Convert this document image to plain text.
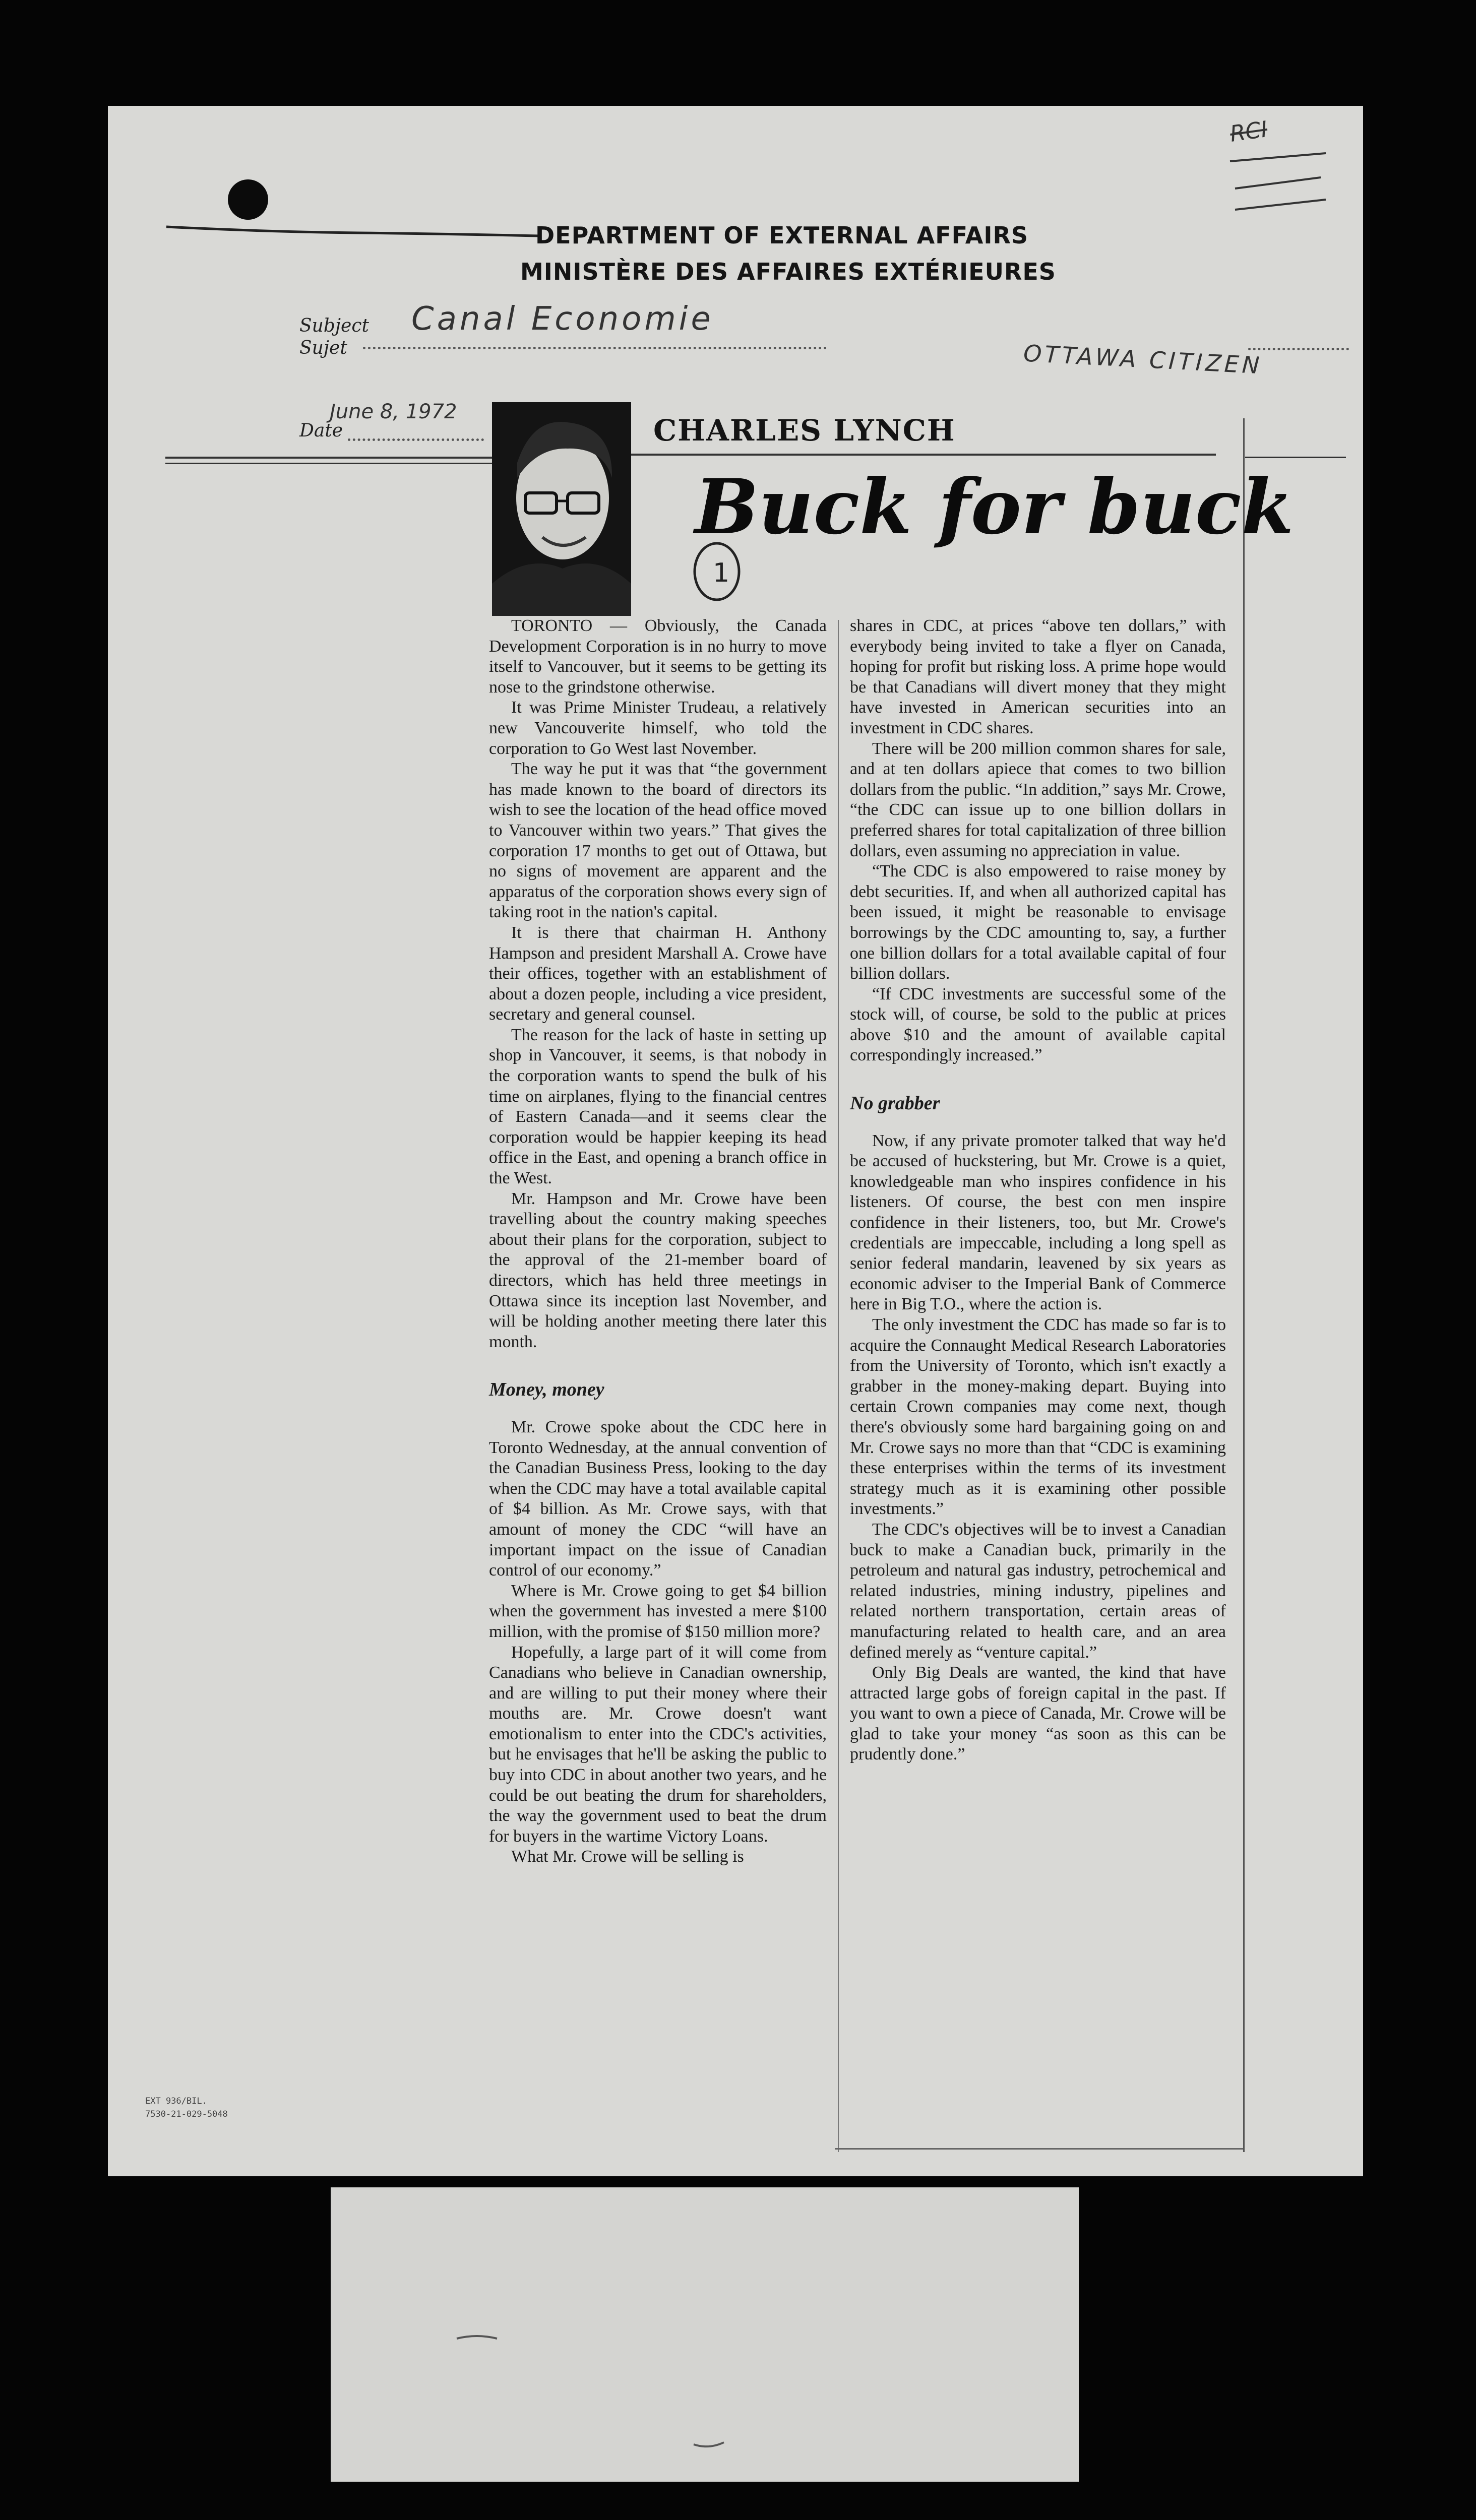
DEPARTMENT OF EXTERNAL AFFAIRS
MINISTÈRE DES AFFAIRES EXTÉRIEURES
RCI
Subject
Sujet
Canal Economie
OTTAWA CITIZEN
Date
June 8, 1972
CHARLES LYNCH
Buck for buck
1

TORONTO — Obviously, the Canada Development Corporation is in no hurry to move itself to Vancouver, but it seems to be getting its nose to the grindstone otherwise.

It was Prime Minister Trudeau, a relatively new Vancouverite himself, who told the corporation to Go West last November.

The way he put it was that “the government has made known to the board of directors its wish to see the location of the head office moved to Vancouver within two years.” That gives the corporation 17 months to get out of Ottawa, but no signs of movement are apparent and the apparatus of the corporation shows every sign of taking root in the nation's capital.

It is there that chairman H. Anthony Hampson and president Marshall A. Crowe have their offices, together with an establishment of about a dozen people, including a vice president, secretary and general counsel.

The reason for the lack of haste in setting up shop in Vancouver, it seems, is that nobody in the corporation wants to spend the bulk of his time on airplanes, flying to the financial centres of Eastern Canada—and it seems clear the corporation would be happier keeping its head office in the East, and opening a branch office in the West.

Mr. Hampson and Mr. Crowe have been travelling about the country making speeches about their plans for the corporation, subject to the approval of the 21-member board of directors, which has held three meetings in Ottawa since its inception last November, and will be holding another meeting there later this month.

Money, money

Mr. Crowe spoke about the CDC here in Toronto Wednesday, at the annual convention of the Canadian Business Press, looking to the day when the CDC may have a total available capital of $4 billion. As Mr. Crowe says, with that amount of money the CDC “will have an important impact on the issue of Canadian control of our economy.”

Where is Mr. Crowe going to get $4 billion when the government has invested a mere $100 million, with the promise of $150 million more?

Hopefully, a large part of it will come from Canadians who believe in Canadian ownership, and are willing to put their money where their mouths are. Mr. Crowe doesn't want emotionalism to enter into the CDC's activities, but he envisages that he'll be asking the public to buy into CDC in about another two years, and he could be out beating the drum for shareholders, the way the government used to beat the drum for buyers in the wartime Victory Loans.

What Mr. Crowe will be selling is

shares in CDC, at prices “above ten dollars,” with everybody being invited to take a flyer on Canada, hoping for profit but risking loss. A prime hope would be that Canadians will divert money that they might have invested in American securities into an investment in CDC shares.

There will be 200 million common shares for sale, and at ten dollars apiece that comes to two billion dollars from the public. “In addition,” says Mr. Crowe, “the CDC can issue up to one billion dollars in preferred shares for total capitalization of three billion dollars, even assuming no appreciation in value.

“The CDC is also empowered to raise money by debt securities. If, and when all authorized capital has been issued, it might be reasonable to envisage borrowings by the CDC amounting to, say, a further one billion dollars for a total available capital of four billion dollars.

“If CDC investments are successful some of the stock will, of course, be sold to the public at prices above $10 and the amount of available capital correspondingly increased.”

No grabber

Now, if any private promoter talked that way he'd be accused of huckstering, but Mr. Crowe is a quiet, knowledgeable man who inspires confidence in his listeners. Of course, the best con men inspire confidence in their listeners, too, but Mr. Crowe's credentials are impeccable, including a long spell as senior federal mandarin, leavened by six years as economic adviser to the Imperial Bank of Commerce here in Big T.O., where the action is.

The only investment the CDC has made so far is to acquire the Connaught Medical Research Laboratories from the University of Toronto, which isn't exactly a grabber in the money-making depart. Buying into certain Crown companies may come next, though there's obviously some hard bargaining going on and Mr. Crowe says no more than that “CDC is examining these enterprises within the terms of its investment strategy much as it is examining other possible investments.”

The CDC's objectives will be to invest a Canadian buck to make a Canadian buck, primarily in the petroleum and natural gas industry, petrochemical and related industries, mining industry, pipelines and related northern transportation, certain areas of manufacturing related to health care, and an area defined merely as “venture capital.”

Only Big Deals are wanted, the kind that have attracted large gobs of foreign capital in the past. If you want to own a piece of Canada, Mr. Crowe will be glad to take your money “as soon as this can be prudently done.”

EXT 936/BIL.
7530-21-029-5048
